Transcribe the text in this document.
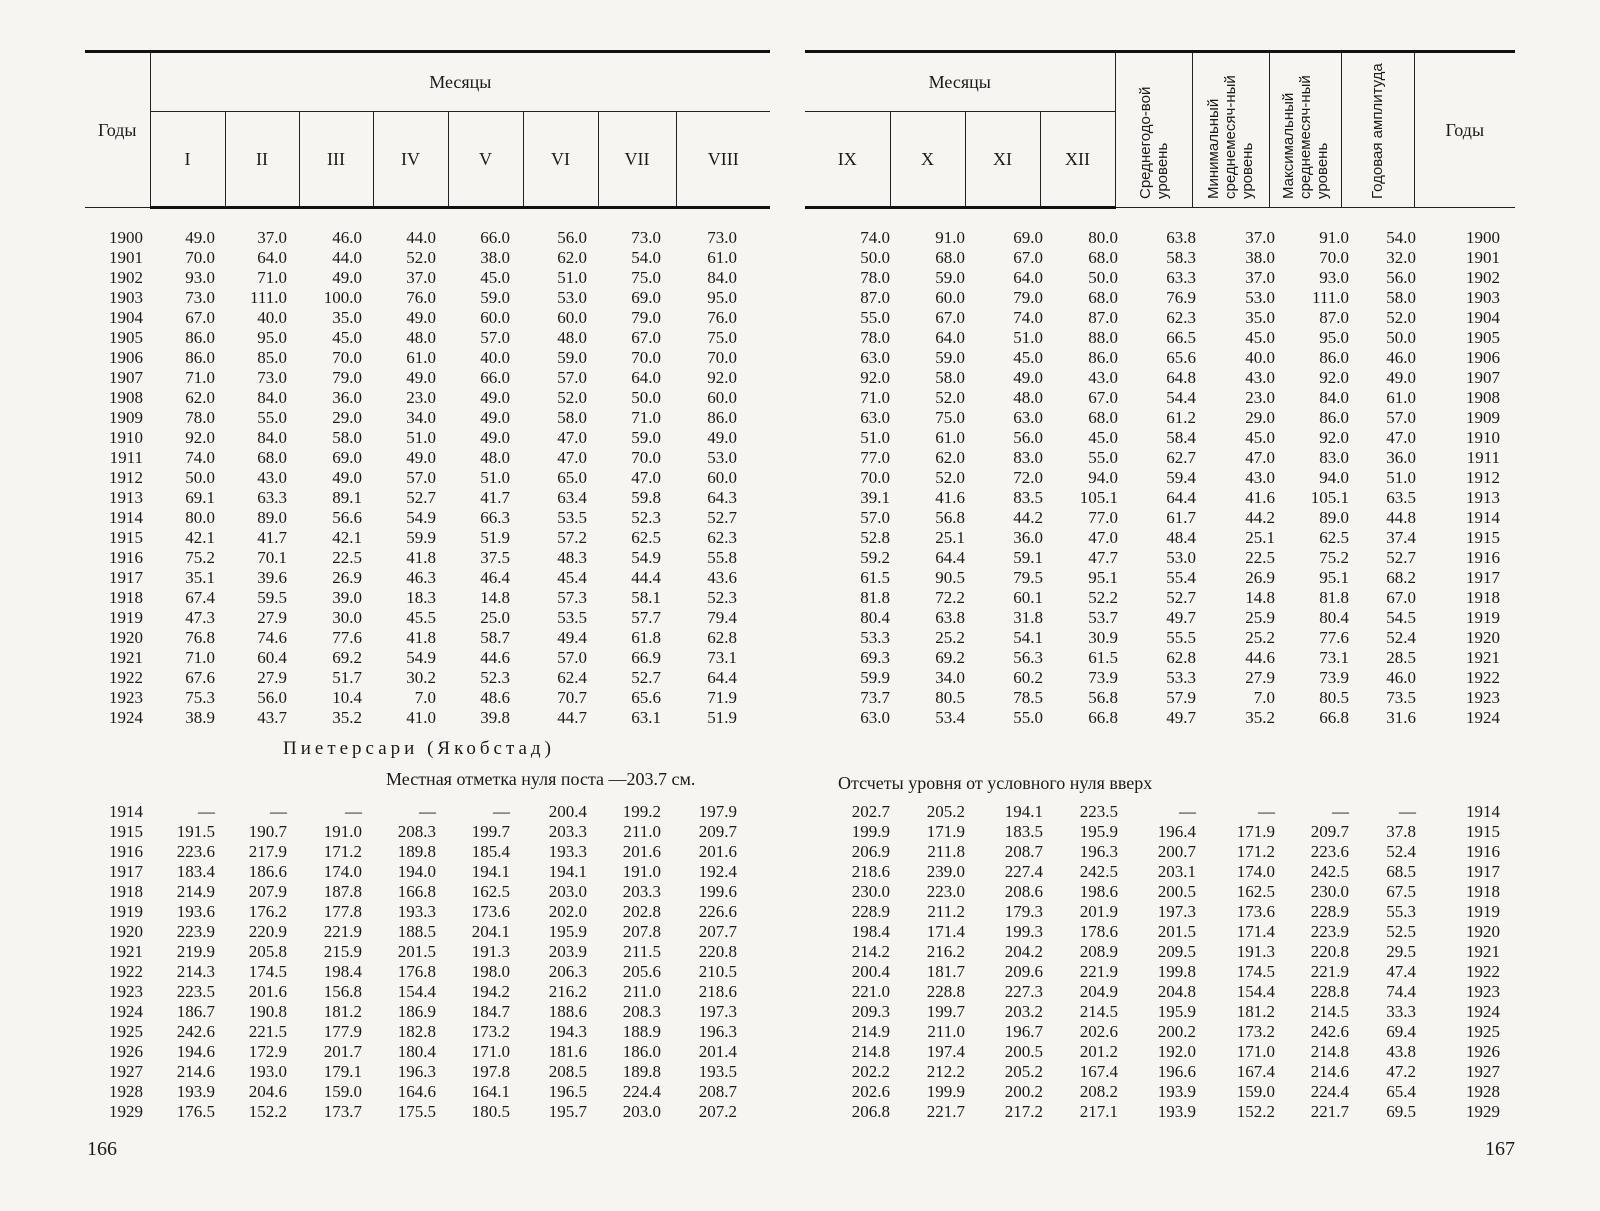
Годы	Месяцы							
	I	II	III	IV	V	VI	VII	VIII
1900	49.0	37.0	46.0	44.0	66.0	56.0	73.0	73.0
1901	70.0	64.0	44.0	52.0	38.0	62.0	54.0	61.0
1902	93.0	71.0	49.0	37.0	45.0	51.0	75.0	84.0
1903	73.0	111.0	100.0	76.0	59.0	53.0	69.0	95.0
1904	67.0	40.0	35.0	49.0	60.0	60.0	79.0	76.0
1905	86.0	95.0	45.0	48.0	57.0	48.0	67.0	75.0
1906	86.0	85.0	70.0	61.0	40.0	59.0	70.0	70.0
1907	71.0	73.0	79.0	49.0	66.0	57.0	64.0	92.0
1908	62.0	84.0	36.0	23.0	49.0	52.0	50.0	60.0
1909	78.0	55.0	29.0	34.0	49.0	58.0	71.0	86.0
1910	92.0	84.0	58.0	51.0	49.0	47.0	59.0	49.0
1911	74.0	68.0	69.0	49.0	48.0	47.0	70.0	53.0
1912	50.0	43.0	49.0	57.0	51.0	65.0	47.0	60.0
1913	69.1	63.3	89.1	52.7	41.7	63.4	59.8	64.3
1914	80.0	89.0	56.6	54.9	66.3	53.5	52.3	52.7
1915	42.1	41.7	42.1	59.9	51.9	57.2	62.5	62.3
1916	75.2	70.1	22.5	41.8	37.5	48.3	54.9	55.8
1917	35.1	39.6	26.9	46.3	46.4	45.4	44.4	43.6
1918	67.4	59.5	39.0	18.3	14.8	57.3	58.1	52.3
1919	47.3	27.9	30.0	45.5	25.0	53.5	57.7	79.4
1920	76.8	74.6	77.6	41.8	58.7	49.4	61.8	62.8
1921	71.0	60.4	69.2	54.9	44.6	57.0	66.9	73.1
1922	67.6	27.9	51.7	30.2	52.3	62.4	52.7	64.4
1923	75.3	56.0	10.4	7.0	48.6	70.7	65.6	71.9
1924	38.9	43.7	35.2	41.0	39.8	44.7	63.1	51.9
Пиетерсари (Якобстад)
Местная отметка нуля поста —203.7 см.
1914	—	—	—	—	—	200.4	199.2	197.9
1915	191.5	190.7	191.0	208.3	199.7	203.3	211.0	209.7
1916	223.6	217.9	171.2	189.8	185.4	193.3	201.6	201.6
1917	183.4	186.6	174.0	194.0	194.1	194.1	191.0	192.4
1918	214.9	207.9	187.8	166.8	162.5	203.0	203.3	199.6
1919	193.6	176.2	177.8	193.3	173.6	202.0	202.8	226.6
1920	223.9	220.9	221.9	188.5	204.1	195.9	207.8	207.7
1921	219.9	205.8	215.9	201.5	191.3	203.9	211.5	220.8
1922	214.3	174.5	198.4	176.8	198.0	206.3	205.6	210.5
1923	223.5	201.6	156.8	154.4	194.2	216.2	211.0	218.6
1924	186.7	190.8	181.2	186.9	184.7	188.6	208.3	197.3
1925	242.6	221.5	177.9	182.8	173.2	194.3	188.9	196.3
1926	194.6	172.9	201.7	180.4	171.0	181.6	186.0	201.4
1927	214.6	193.0	179.1	196.3	197.8	208.5	189.8	193.5
1928	193.9	204.6	159.0	164.6	164.1	196.5	224.4	208.7
1929	176.5	152.2	173.7	175.5	180.5	195.7	203.0	207.2
166
Месяцы				Среднегодо-вой уровень	Минимальный среднемесяч-ный уровень	Максимальный среднемесяч-ный уровень	Годовая амплитуда	Годы
IX	X	XI	XII					
74.0	91.0	69.0	80.0	63.8	37.0	91.0	54.0	1900
50.0	68.0	67.0	68.0	58.3	38.0	70.0	32.0	1901
78.0	59.0	64.0	50.0	63.3	37.0	93.0	56.0	1902
87.0	60.0	79.0	68.0	76.9	53.0	111.0	58.0	1903
55.0	67.0	74.0	87.0	62.3	35.0	87.0	52.0	1904
78.0	64.0	51.0	88.0	66.5	45.0	95.0	50.0	1905
63.0	59.0	45.0	86.0	65.6	40.0	86.0	46.0	1906
92.0	58.0	49.0	43.0	64.8	43.0	92.0	49.0	1907
71.0	52.0	48.0	67.0	54.4	23.0	84.0	61.0	1908
63.0	75.0	63.0	68.0	61.2	29.0	86.0	57.0	1909
51.0	61.0	56.0	45.0	58.4	45.0	92.0	47.0	1910
77.0	62.0	83.0	55.0	62.7	47.0	83.0	36.0	1911
70.0	52.0	72.0	94.0	59.4	43.0	94.0	51.0	1912
39.1	41.6	83.5	105.1	64.4	41.6	105.1	63.5	1913
57.0	56.8	44.2	77.0	61.7	44.2	89.0	44.8	1914
52.8	25.1	36.0	47.0	48.4	25.1	62.5	37.4	1915
59.2	64.4	59.1	47.7	53.0	22.5	75.2	52.7	1916
61.5	90.5	79.5	95.1	55.4	26.9	95.1	68.2	1917
81.8	72.2	60.1	52.2	52.7	14.8	81.8	67.0	1918
80.4	63.8	31.8	53.7	49.7	25.9	80.4	54.5	1919
53.3	25.2	54.1	30.9	55.5	25.2	77.6	52.4	1920
69.3	69.2	56.3	61.5	62.8	44.6	73.1	28.5	1921
59.9	34.0	60.2	73.9	53.3	27.9	73.9	46.0	1922
73.7	80.5	78.5	56.8	57.9	7.0	80.5	73.5	1923
63.0	53.4	55.0	66.8	49.7	35.2	66.8	31.6	1924
Отсчеты уровня от условного нуля вверх
202.7	205.2	194.1	223.5	—	—	—	—	1914
199.9	171.9	183.5	195.9	196.4	171.9	209.7	37.8	1915
206.9	211.8	208.7	196.3	200.7	171.2	223.6	52.4	1916
218.6	239.0	227.4	242.5	203.1	174.0	242.5	68.5	1917
230.0	223.0	208.6	198.6	200.5	162.5	230.0	67.5	1918
228.9	211.2	179.3	201.9	197.3	173.6	228.9	55.3	1919
198.4	171.4	199.3	178.6	201.5	171.4	223.9	52.5	1920
214.2	216.2	204.2	208.9	209.5	191.3	220.8	29.5	1921
200.4	181.7	209.6	221.9	199.8	174.5	221.9	47.4	1922
221.0	228.8	227.3	204.9	204.8	154.4	228.8	74.4	1923
209.3	199.7	203.2	214.5	195.9	181.2	214.5	33.3	1924
214.9	211.0	196.7	202.6	200.2	173.2	242.6	69.4	1925
214.8	197.4	200.5	201.2	192.0	171.0	214.8	43.8	1926
202.2	212.2	205.2	167.4	196.6	167.4	214.6	47.2	1927
202.6	199.9	200.2	208.2	193.9	159.0	224.4	65.4	1928
206.8	221.7	217.2	217.1	193.9	152.2	221.7	69.5	1929
167
